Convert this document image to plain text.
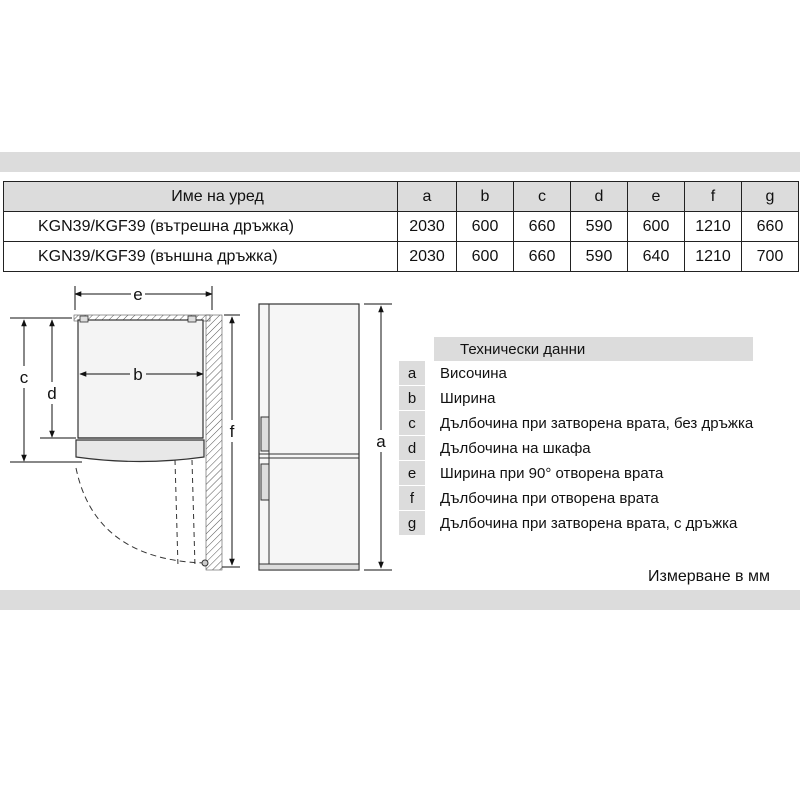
Име на уред	a	b	c	d	e	f	g
KGN39/KGF39 (вътрешна дръжка)	2030	600	660	590	600	1210	660
KGN39/KGF39 (външна дръжка)	2030	600	660	590	640	1210	700
e
b
c
d
f
a
		Технически данни
a		Височина
b		Ширина
c		Дълбочина при затворена врата, без дръжка
d		Дълбочина на шкафа
e		Ширина при 90° отворена врата
f		Дълбочина при отворена врата
g		Дълбочина при затворена врата, с дръжка
Измерване в мм
